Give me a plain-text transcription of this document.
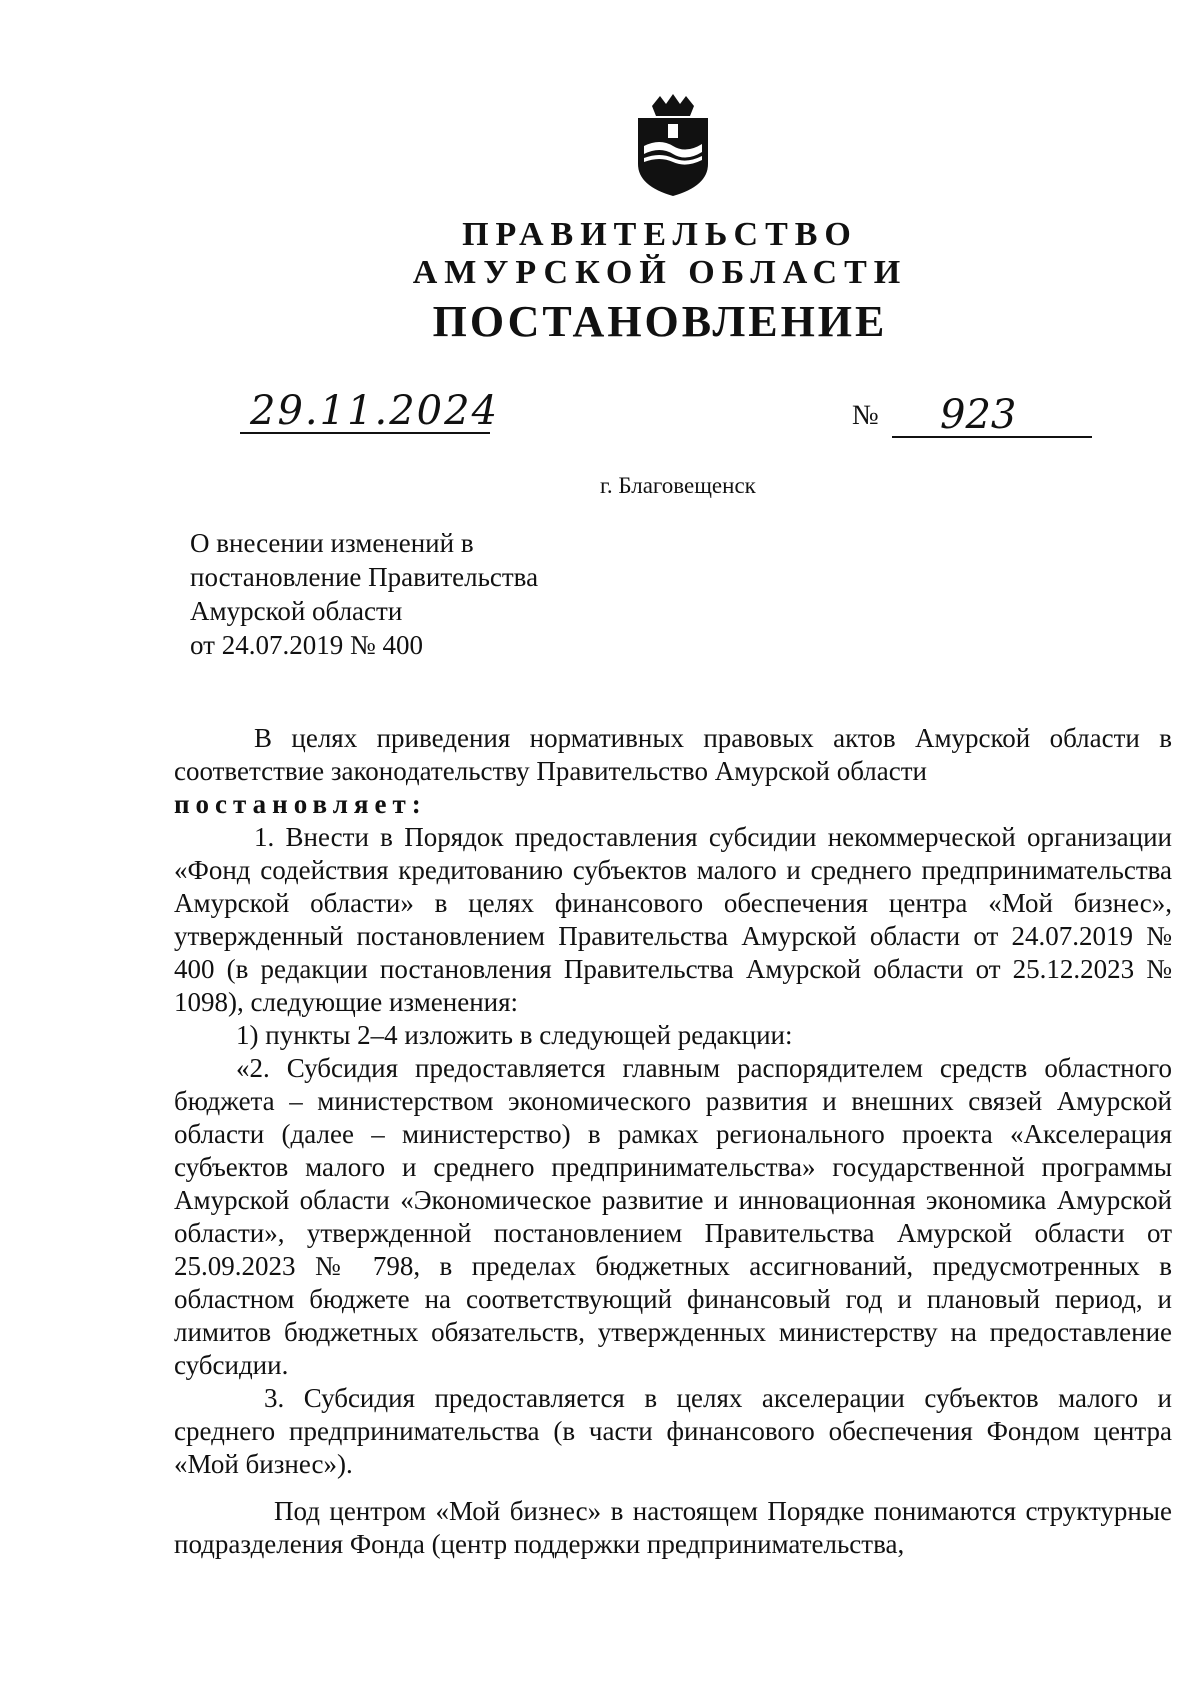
ПРАВИТЕЛЬСТВО
АМУРСКОЙ ОБЛАСТИ
ПОСТАНОВЛЕНИЕ
29.11.2024	№ 923
г. Благовещенск
О внесении изменений в
постановление Правительства
Амурской области
от 24.07.2019 № 400

В целях приведения нормативных правовых актов Амурской области в соответствие законодательству Правительство Амурской области

постановляет:

1. Внести в Порядок предоставления субсидии некоммерческой организации «Фонд содействия кредитованию субъектов малого и среднего предпринимательства Амурской области» в целях финансового обеспечения центра «Мой бизнес», утвержденный постановлением Правительства Амурской области от 24.07.2019 № 400 (в редакции постановления Правительства Амурской области от 25.12.2023 № 1098), следующие изменения:

1) пункты 2–4 изложить в следующей редакции:

«2. Субсидия предоставляется главным распорядителем средств областного бюджета – министерством экономического развития и внешних связей Амурской области (далее – министерство) в рамках регионального проекта «Акселерация субъектов малого и среднего предпринимательства» государственной программы Амурской области «Экономическое развитие и инновационная экономика Амурской области», утвержденной постановлением Правительства Амурской области от 25.09.2023 № 798, в пределах бюджетных ассигнований, предусмотренных в областном бюджете на соответствующий финансовый год и плановый период, и лимитов бюджетных обязательств, утвержденных министерству на предоставление субсидии.

3. Субсидия предоставляется в целях акселерации субъектов малого и среднего предпринимательства (в части финансового обеспечения Фондом центра «Мой бизнес»).

Под центром «Мой бизнес» в настоящем Порядке понимаются структурные подразделения Фонда (центр поддержки предпринимательства,
